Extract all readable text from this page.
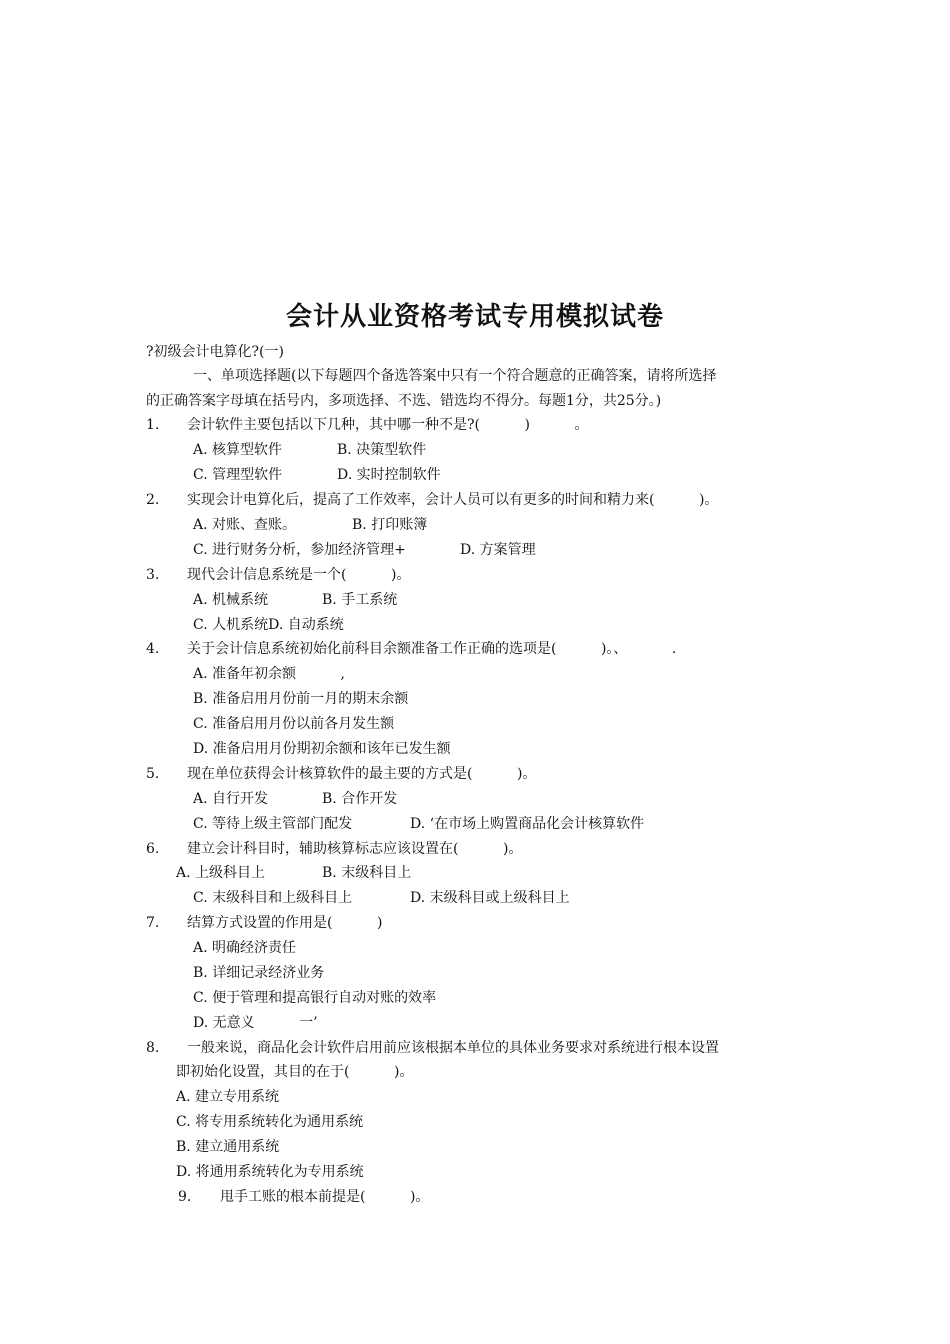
会计从业资格考试专用模拟试卷
?初级会计电算化?(一)
一、单项选择题(以下每题四个备选答案中只有一个符合题意的正确答案，请将所选择
的正确答案字母填在括号内，多项选择、不选、错选均不得分。每题1分，共25分。)
1. 会计软件主要包括以下几种，其中哪一种不是?(          )          。
A. 核算型软件	B. 决策型软件
C. 管理型软件	D. 实时控制软件
2. 实现会计电算化后，提高了工作效率，会计人员可以有更多的时间和精力来(          )。
A. 对账、查账。	B. 打印账簿
C. 进行财务分析，参加经济管理+	D. 方案管理
3. 现代会计信息系统是一个(          )。
A. 机械系统	B. 手工系统
C. 人机系统D. 自动系统
4. 关于会计信息系统初始化前科目余额准备工作正确的选项是(          )。、          .
A. 准备年初余额          ,
B. 准备启用月份前一月的期末余额
C. 准备启用月份以前各月发生额
D. 准备启用月份期初余额和该年已发生额
5. 现在单位获得会计核算软件的最主要的方式是(          )。
A. 自行开发	B. 合作开发
C. 等待上级主管部门配发	D. ‘在市场上购置商品化会计核算软件
6. 建立会计科目时，辅助核算标志应该设置在(          )。
A. 上级科目上	B. 末级科目上
C. 末级科目和上级科目上	D. 末级科目或上级科目上
7. 结算方式设置的作用是(          )
A. 明确经济责任
B. 详细记录经济业务
C. 便于管理和提高银行自动对账的效率
D. 无意义          一’
8. 一般来说，商品化会计软件启用前应该根据本单位的具体业务要求对系统进行根本设置
即初始化设置，其目的在于(          )。
A. 建立专用系统
C. 将专用系统转化为通用系统
B. 建立通用系统
D. 将通用系统转化为专用系统
9. 甩手工账的根本前提是(          )。
